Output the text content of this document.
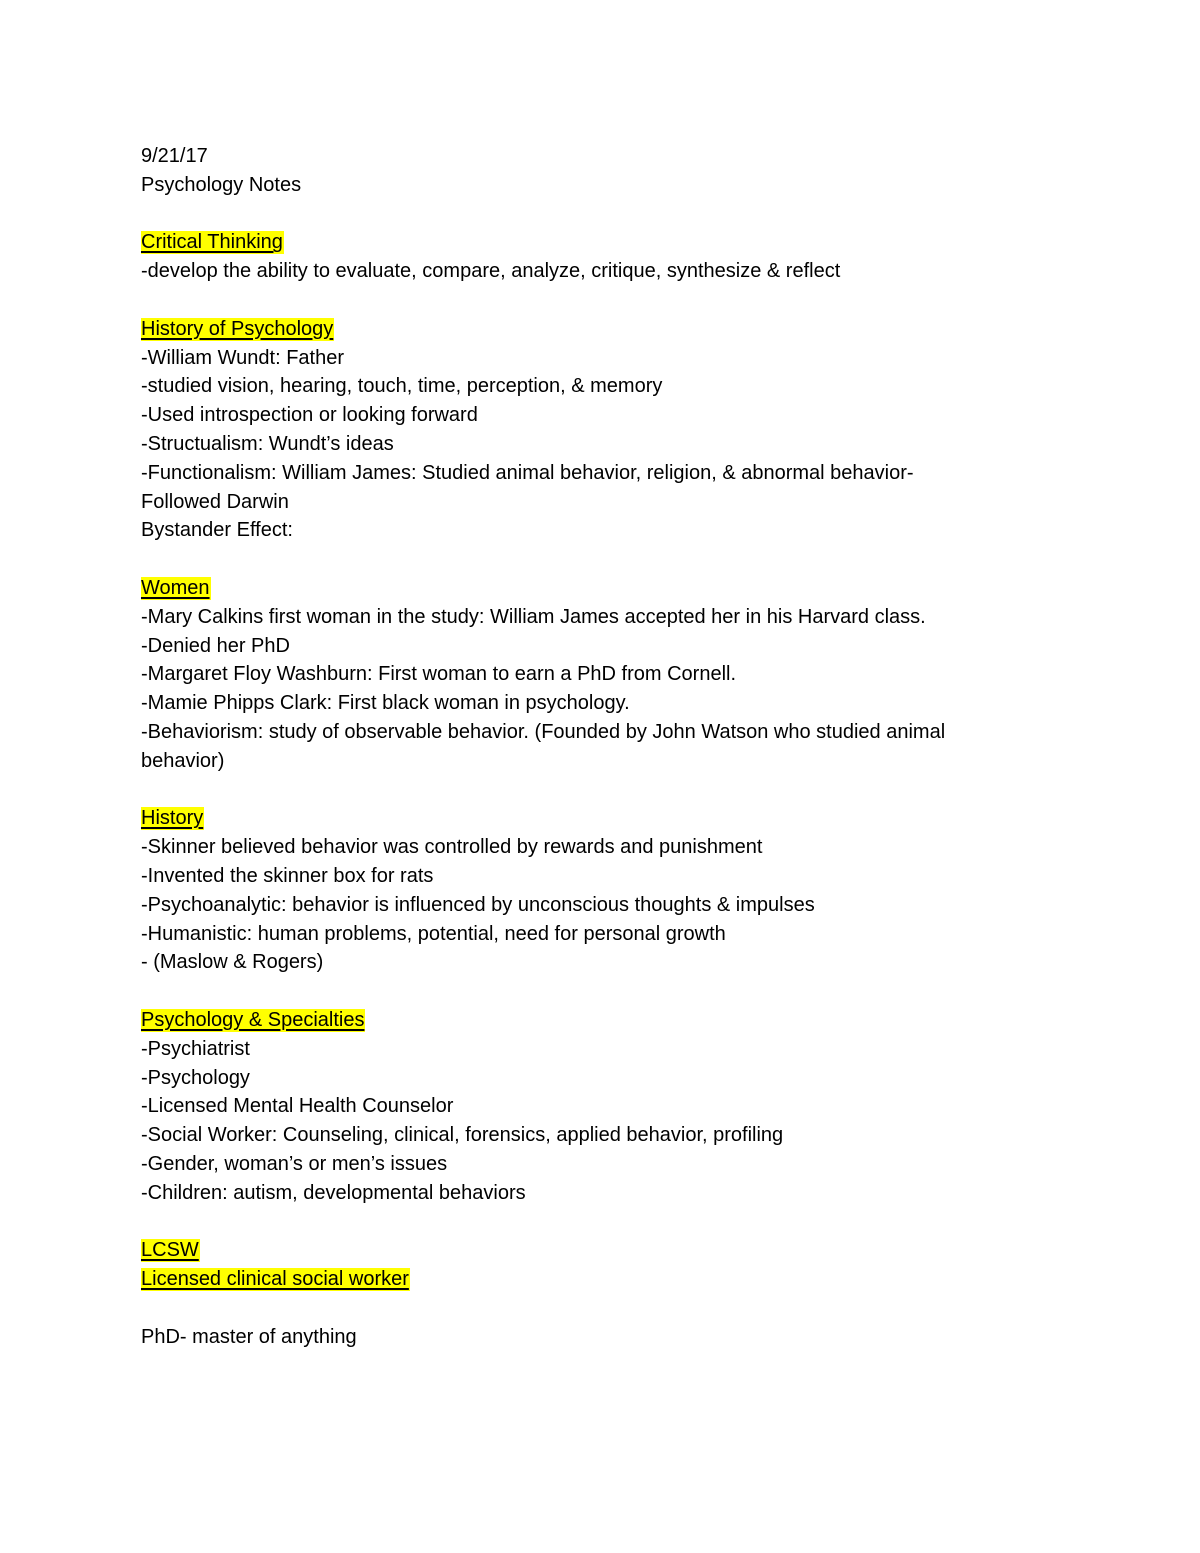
9/21/17
Psychology Notes
Critical Thinking
-develop the ability to evaluate, compare, analyze, critique, synthesize & reflect
History of Psychology
-William Wundt: Father
-studied vision, hearing, touch, time, perception, & memory
-Used introspection or looking forward
-Structualism: Wundt’s ideas
-Functionalism: William James: Studied animal behavior, religion, & abnormal behavior-
Followed Darwin
Bystander Effect:
Women
-Mary Calkins first woman in the study: William James accepted her in his Harvard class.
-Denied her PhD
-Margaret Floy Washburn: First woman to earn a PhD from Cornell.
-Mamie Phipps Clark: First black woman in psychology.
-Behaviorism: study of observable behavior. (Founded by John Watson who studied animal
behavior)
History
-Skinner believed behavior was controlled by rewards and punishment
-Invented the skinner box for rats
-Psychoanalytic: behavior is influenced by unconscious thoughts & impulses
-Humanistic: human problems, potential, need for personal growth
- (Maslow & Rogers)
Psychology & Specialties
-Psychiatrist
-Psychology
-Licensed Mental Health Counselor
-Social Worker: Counseling, clinical, forensics, applied behavior, profiling
-Gender, woman’s or men’s issues
-Children: autism, developmental behaviors
LCSW
Licensed clinical social worker
PhD- master of anything
